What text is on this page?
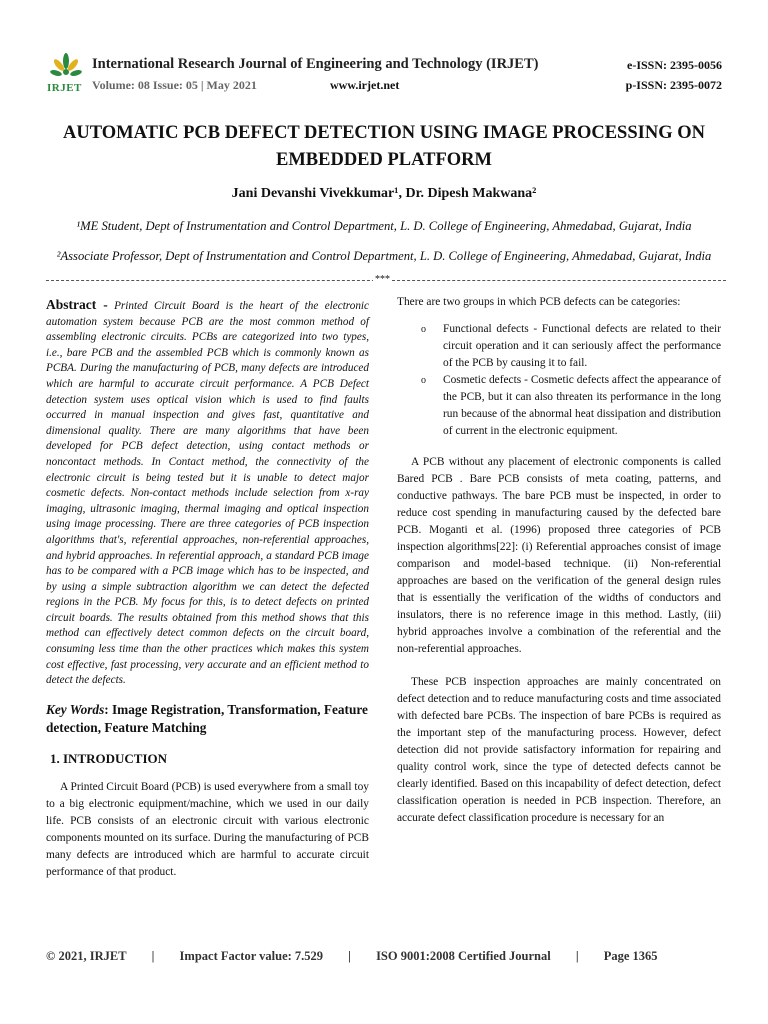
IRJET
International Research Journal of Engineering and Technology (IRJET)
Volume: 08 Issue: 05 | May 2021	www.irjet.net
e-ISSN: 2395-0056
p-ISSN: 2395-0072
AUTOMATIC PCB DEFECT DETECTION USING IMAGE PROCESSING ON EMBEDDED PLATFORM
Jani Devanshi Vivekkumar¹, Dr. Dipesh Makwana²
¹ME Student, Dept of Instrumentation and Control Department, L. D. College of Engineering, Ahmedabad, Gujarat, India
²Associate Professor, Dept of Instrumentation and Control Department, L. D. College of Engineering, Ahmedabad, Gujarat, India
***

Abstract - Printed Circuit Board is the heart of the electronic automation system because PCB are the most common method of assembling electronic circuits. PCBs are categorized into two types, i.e., bare PCB and the assembled PCB which is commonly known as PCBA. During the manufacturing of PCB, many defects are introduced which are harmful to accurate circuit performance. A PCB Defect detection system uses optical vision which is used to find faults occurred in manual inspection and gives fast, quantitative and dimensional quality. There are many algorithms that have been developed for PCB defect detection, using contact methods or noncontact methods. In Contact method, the connectivity of the electronic circuit is being tested but it is unable to detect major cosmetic defects. Non-contact methods include selection from x-ray imaging, ultrasonic imaging, thermal imaging and optical inspection using image processing. There are three categories of PCB inspection algorithms that's, referential approaches, non-referential approaches, and hybrid approaches. In referential approach, a standard PCB image has to be compared with a PCB image which has to be inspected, and by using a simple subtraction algorithm we can detect the defected regions in the PCB. My focus for this, is to detect defects on printed circuit boards. The results obtained from this method shows that this method can effectively detect common defects on the circuit board, consuming less time than the other practices which makes this system cost effective, fast processing, very accurate and an efficient method to detect the defects.

Key Words: Image Registration, Transformation, Feature detection, Feature Matching

1. INTRODUCTION

A Printed Circuit Board (PCB) is used everywhere from a small toy to a big electronic equipment/machine, which we used in our daily life. PCB consists of an electronic circuit with various electronic components mounted on its surface. During the manufacturing of PCB many defects are introduced which are harmful to accurate circuit performance of that product.

There are two groups in which PCB defects can be categories:

o Functional defects - Functional defects are related to their circuit operation and it can seriously affect the performance of the PCB by causing it to fail.
o Cosmetic defects - Cosmetic defects affect the appearance of the PCB, but it can also threaten its performance in the long run because of the abnormal heat dissipation and distribution of current in the electronic equipment.

A PCB without any placement of electronic components is called Bared PCB . Bare PCB consists of meta coating, patterns, and conductive pathways. The bare PCB must be inspected, in order to reduce cost spending in manufacturing caused by the defected bare PCB. Moganti et al. (1996) proposed three categories of PCB inspection algorithms[22]: (i) Referential approaches consist of image comparison and model-based technique. (ii) Non-referential approaches are based on the verification of the general design rules that is essentially the verification of the widths of conductors and insulators, there is no reference image in this method. Lastly, (iii) hybrid approaches involve a combination of the referential and the non-referential approaches.

These PCB inspection approaches are mainly concentrated on defect detection and to reduce manufacturing costs and time associated with defected bare PCBs. The inspection of bare PCBs is required as the important step of the manufacturing process. However, defect detection did not provide satisfactory information for repairing and quality control work, since the type of detected defects cannot be clearly identified. Based on this incapability of defect detection, defect classification operation is needed in PCB inspection. Therefore, an accurate defect classification procedure is necessary for an

© 2021, IRJET | Impact Factor value: 7.529 | ISO 9001:2008 Certified Journal | Page 1365
